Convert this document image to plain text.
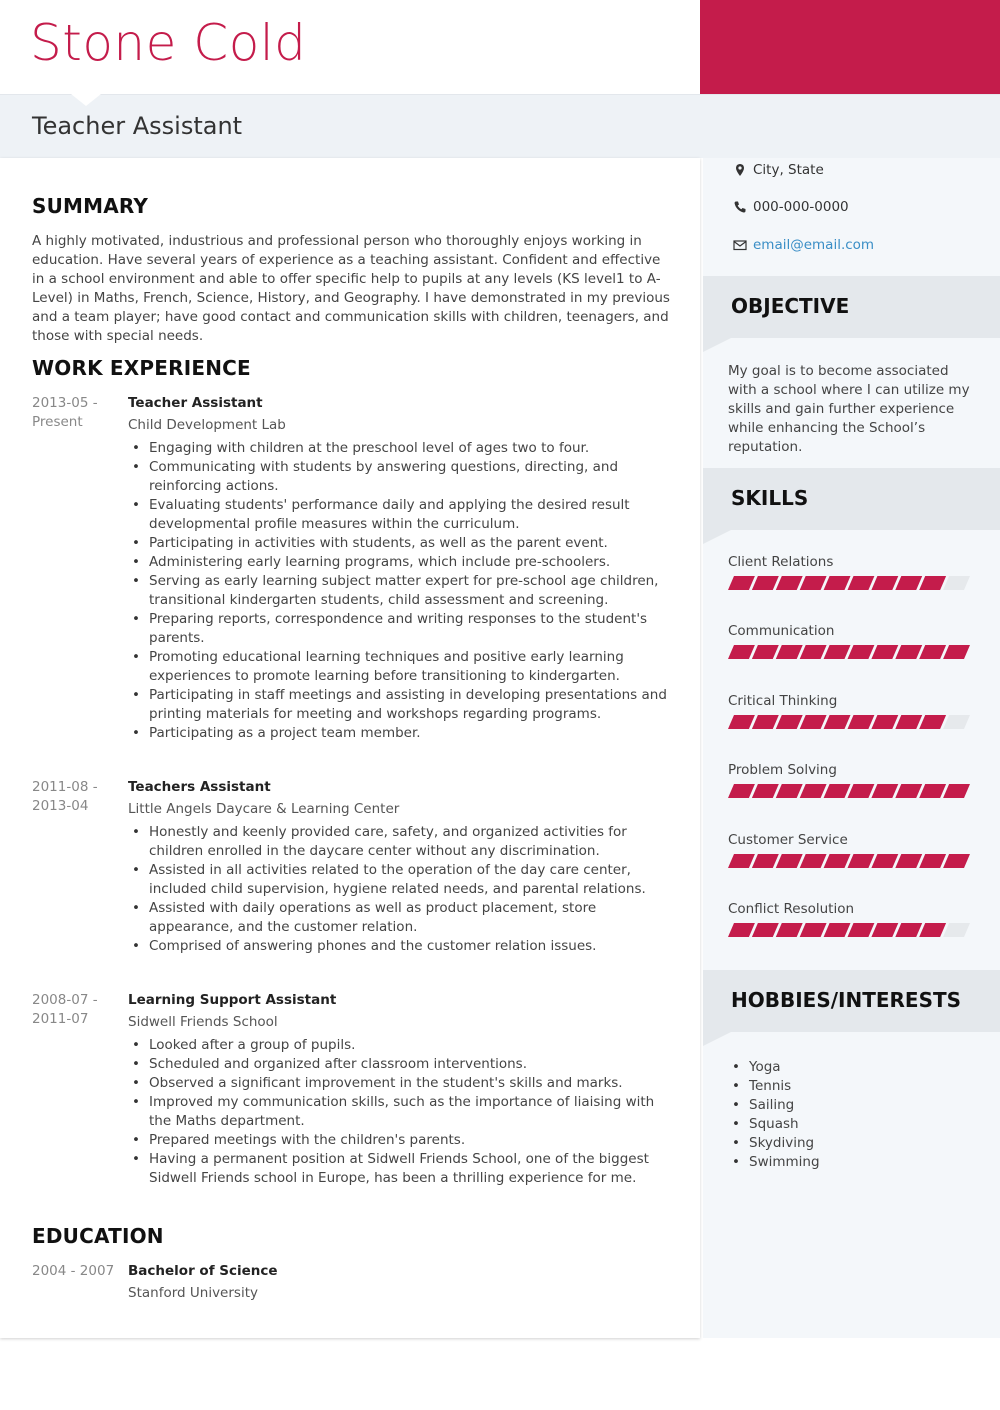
Stone Cold
Teacher Assistant
SUMMARY
A highly motivated, industrious and professional person who thoroughly enjoys working in education. Have several years of experience as a teaching assistant. Confident and effective in a school environment and able to offer specific help to pupils at any levels (KS level1 to A-Level) in Maths, French, Science, History, and Geography. I have demonstrated in my previous and a team player; have good contact and communication skills with children, teenagers, and those with special needs.
WORK EXPERIENCE
2013-05 - Present
Teacher Assistant
Child Development Lab
• Engaging with children at the preschool level of ages two to four.
• Communicating with students by answering questions, directing, and reinforcing actions.
• Evaluating students' performance daily and applying the desired result developmental profile measures within the curriculum.
• Participating in activities with students, as well as the parent event.
• Administering early learning programs, which include pre-schoolers.
• Serving as early learning subject matter expert for pre-school age children, transitional kindergarten students, child assessment and screening.
• Preparing reports, correspondence and writing responses to the student's parents.
• Promoting educational learning techniques and positive early learning experiences to promote learning before transitioning to kindergarten.
• Participating in staff meetings and assisting in developing presentations and printing materials for meeting and workshops regarding programs.
• Participating as a project team member.
2011-08 - 2013-04
Teachers Assistant
Little Angels Daycare & Learning Center
• Honestly and keenly provided care, safety, and organized activities for children enrolled in the daycare center without any discrimination.
• Assisted in all activities related to the operation of the day care center, included child supervision, hygiene related needs, and parental relations.
• Assisted with daily operations as well as product placement, store appearance, and the customer relation.
• Comprised of answering phones and the customer relation issues.
2008-07 - 2011-07
Learning Support Assistant
Sidwell Friends School
• Looked after a group of pupils.
• Scheduled and organized after classroom interventions.
• Observed a significant improvement in the student's skills and marks.
• Improved my communication skills, such as the importance of liaising with the Maths department.
• Prepared meetings with the children's parents.
• Having a permanent position at Sidwell Friends School, one of the biggest Sidwell Friends school in Europe, has been a thrilling experience for me.
EDUCATION
2004 - 2007	Bachelor of Science
Stanford University
City, State
000-000-0000
email@email.com
OBJECTIVE
My goal is to become associated with a school where I can utilize my skills and gain further experience while enhancing the School’s reputation.
SKILLS
Client Relations
Communication
Critical Thinking
Problem Solving
Customer Service
Conflict Resolution
HOBBIES/INTERESTS
• Yoga
• Tennis
• Sailing
• Squash
• Skydiving
• Swimming
